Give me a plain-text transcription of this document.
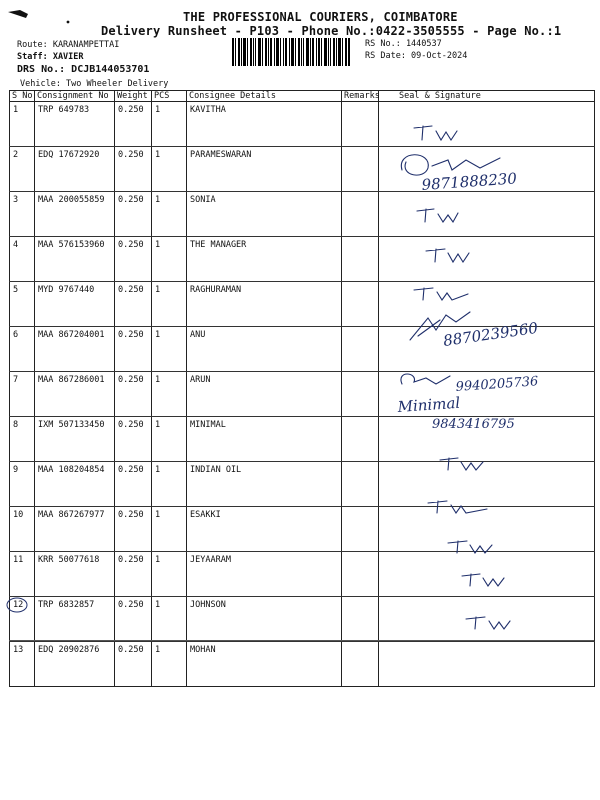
THE PROFESSIONAL COURIERS, COIMBATORE
Delivery Runsheet - P103 - Phone No.:0422-3505555 - Page No.:1
Route: KARANAMPETTAI
Staff: XAVIER
RS No.: 1440537
RS Date: 09-Oct-2024
DRS No.: DCJB144053701
Vehicle: Two Wheeler Delivery
S No	Consignment No	Weight	PCS	Consignee Details	Remarks	Seal & Signature
1	TRP 649783	0.250	1	KAVITHA		
2	EDQ 17672920	0.250	1	PARAMESWARAN		
3	MAA 200055859	0.250	1	SONIA		
4	MAA 576153960	0.250	1	THE MANAGER		
5	MYD 9767440	0.250	1	RAGHURAMAN		
6	MAA 867204001	0.250	1	ANU		
7	MAA 867286001	0.250	1	ARUN		
8	IXM 507133450	0.250	1	MINIMAL		
9	MAA 108204854	0.250	1	INDIAN OIL		
10	MAA 867267977	0.250	1	ESAKKI		
11	KRR 50077618	0.250	1	JEYAARAM		
12	TRP 6832857	0.250	1	JOHNSON		
13	EDQ 20902876	0.250	1	MOHAN		
9871888230
8870239560
9940205736
Minimal
9843416795
